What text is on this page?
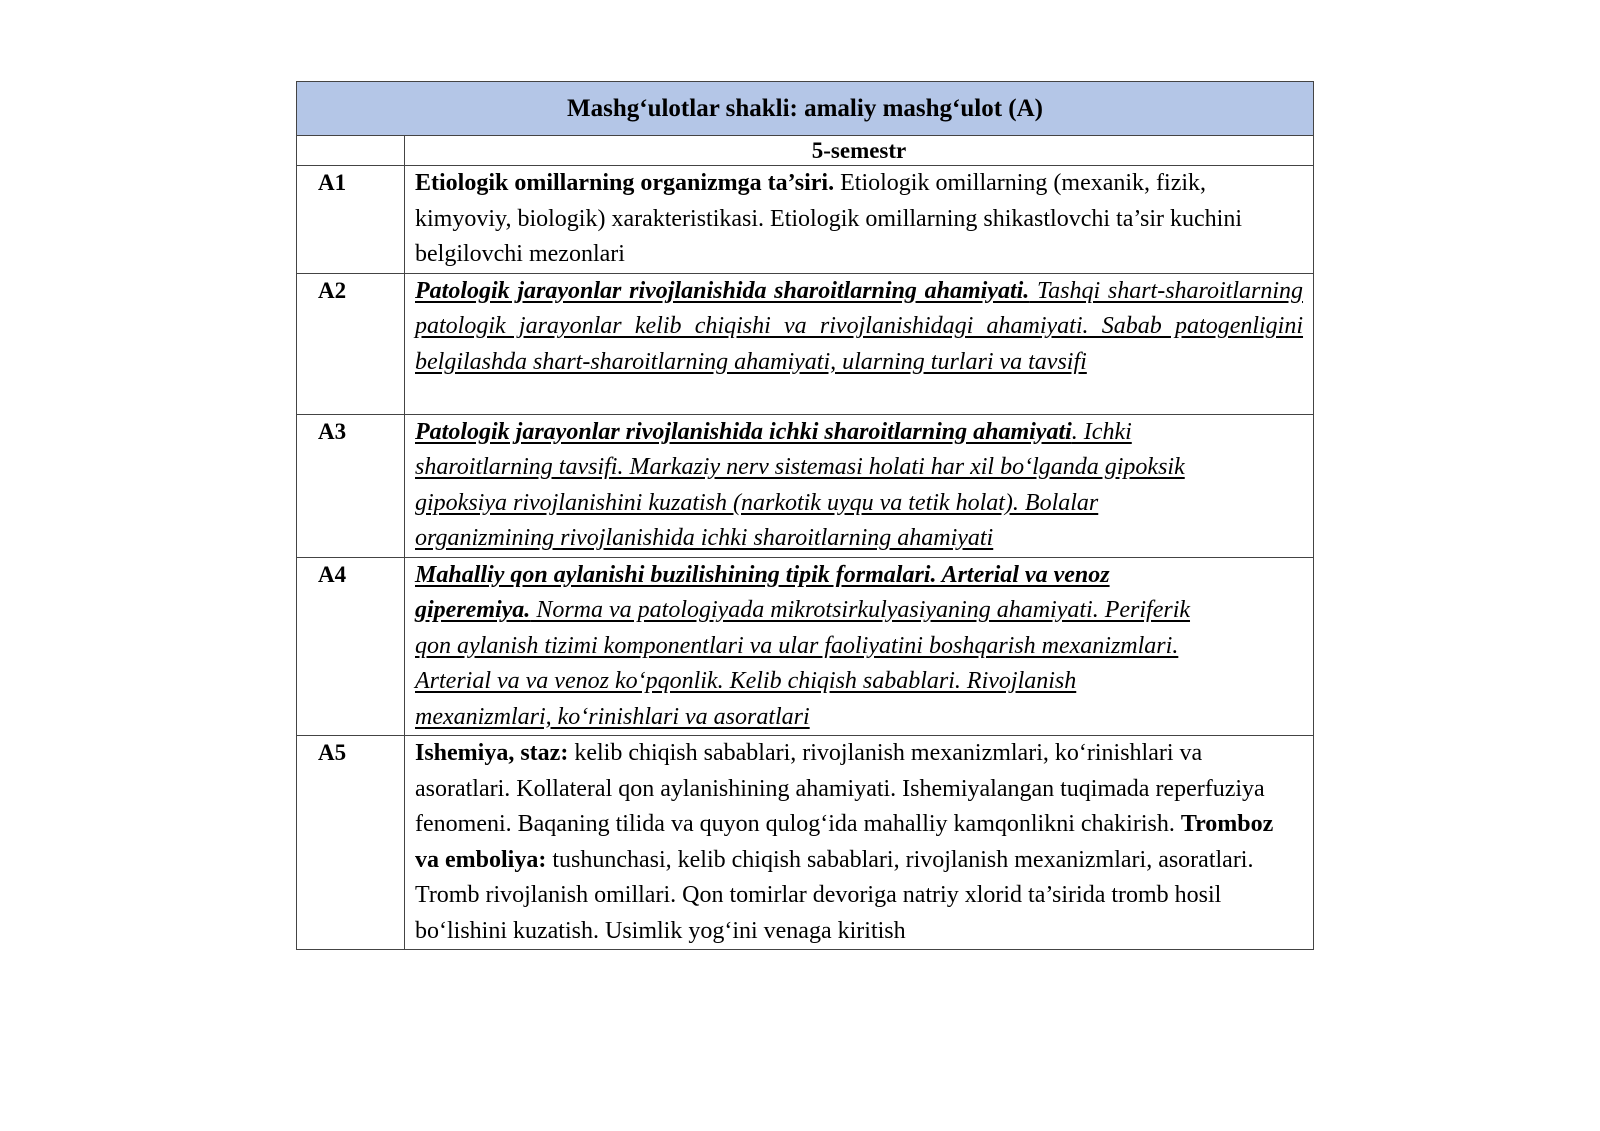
Mashg‘ulotlar shakli: amaliy mashg‘ulot (A)	
	5-semestr
A1	Etiologik omillarning organizmga ta’siri. Etiologik omillarning (mexanik, fizik, kimyoviy, biologik) xarakteristikasi. Etiologik omillarning shikastlovchi ta’sir kuchini belgilovchi mezonlari
A2	Patologik jarayonlar rivojlanishida sharoitlarning ahamiyati. Tashqi shart-sharoitlarning patologik jarayonlar kelib chiqishi va rivojlanishidagi ahamiyati. Sabab patogenligini belgilashda shart-sharoitlarning ahamiyati, ularning turlari va tavsifi
A3	Patologik jarayonlar rivojlanishida ichki sharoitlarning ahamiyati. Ichki
sharoitlarning tavsifi. Markaziy nerv sistemasi holati har xil bo‘lganda gipoksik
gipoksiya rivojlanishini kuzatish (narkotik uyqu va tetik holat). Bolalar
organizmining rivojlanishida ichki sharoitlarning ahamiyati
A4	Mahalliy qon aylanishi buzilishining tipik formalari. Arterial va venoz
giperemiya. Norma va patologiyada mikrotsirkulyasiyaning ahamiyati. Periferik
qon aylanish tizimi komponentlari va ular faoliyatini boshqarish mexanizmlari.
Arterial va va venoz ko‘pqonlik. Kelib chiqish sabablari. Rivojlanish
mexanizmlari, ko‘rinishlari va asoratlari
A5	Ishemiya, staz: kelib chiqish sabablari, rivojlanish mexanizmlari, ko‘rinishlari va asoratlari. Kollateral qon aylanishining ahamiyati. Ishemiyalangan tuqimada reperfuziya fenomeni. Baqaning tilida va quyon qulog‘ida mahalliy kamqonlikni chakirish. Tromboz va emboliya: tushunchasi, kelib chiqish sabablari, rivojlanish mexanizmlari, asoratlari. Tromb rivojlanish omillari. Qon tomirlar devoriga natriy xlorid ta’sirida tromb hosil bo‘lishini kuzatish. Usimlik yog‘ini venaga kiritish
